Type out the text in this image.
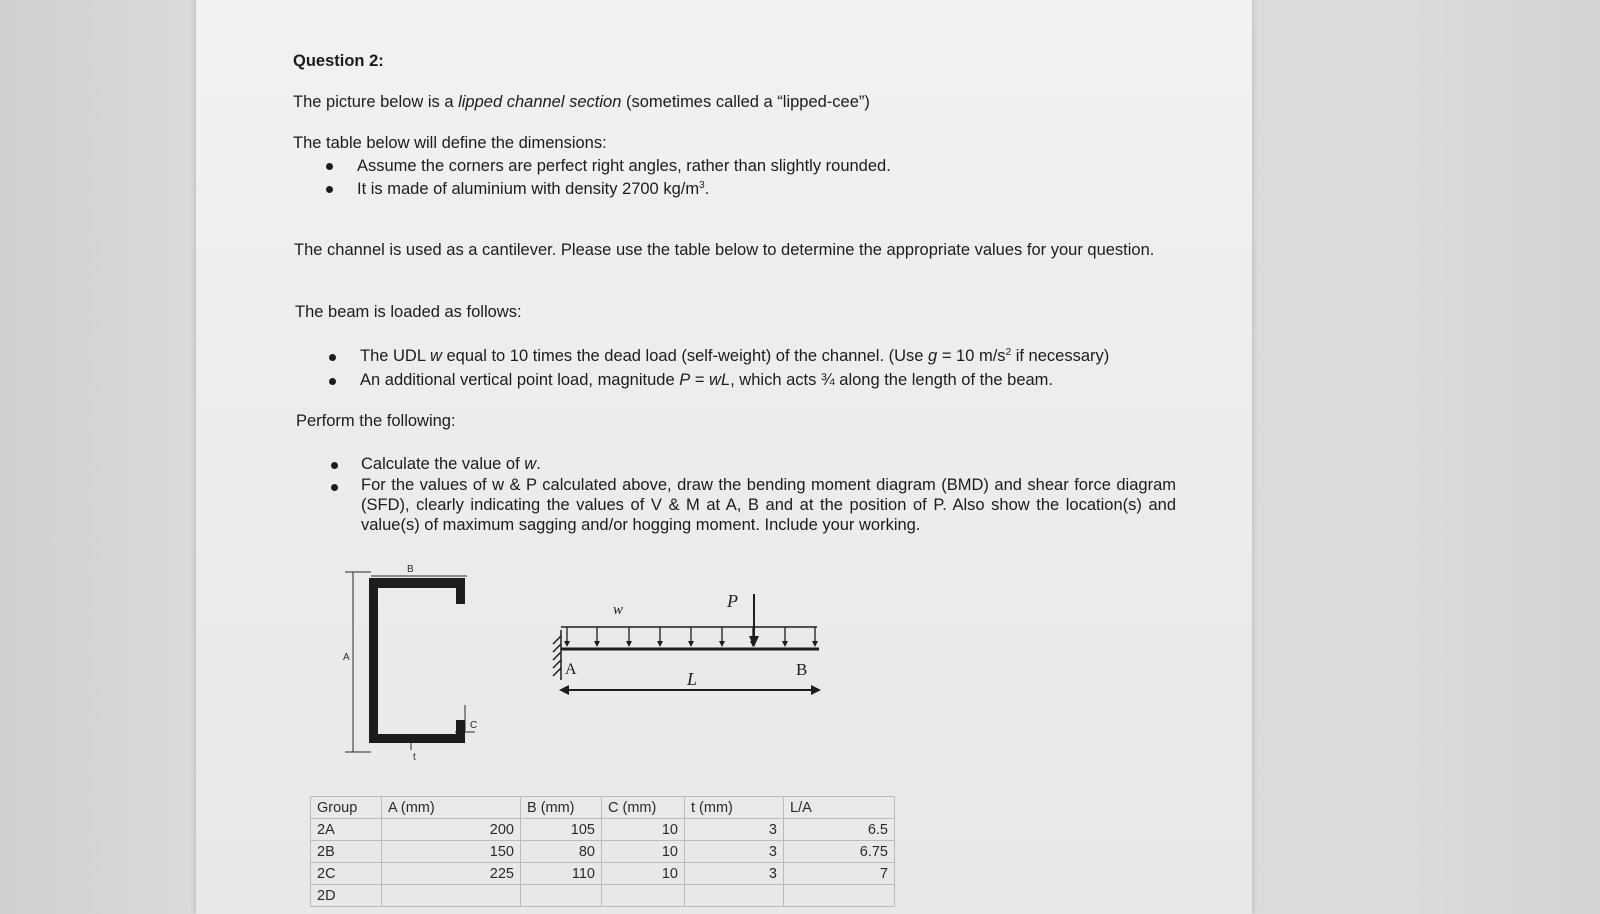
Question 2:
The picture below is a lipped channel section (sometimes called a “lipped-cee”)
The table below will define the dimensions:
Assume the corners are perfect right angles, rather than slightly rounded.
It is made of aluminium with density 2700 $kg/m^3$.
The channel is used as a cantilever. Please use the table below to determine the appropriate values for your question.
The beam is loaded as follows:
The UDL w equal to 10 times the dead load (self-weight) of the channel. (Use g = 10 $m/s^2$ if necessary)
An additional vertical point load, magnitude P = wL, which acts ¾ along the length of the beam.
Perform the following:
Calculate the value of w.
For the values of w & P calculated above, draw the bending moment diagram (BMD) and shear force diagram (SFD), clearly indicating the values of V & M at A, B and at the position of P. Also show the location(s) and value(s) of maximum sagging and/or hogging moment. Include your working.
B
A
C
t
w	P
A	L	B
Group	A (mm)	B (mm)	C (mm)	t (mm)	L/A
2A	200	105	10	3	6.5
2B	150	80	10	3	6.75
2C	225	110	10	3	7
2D					
